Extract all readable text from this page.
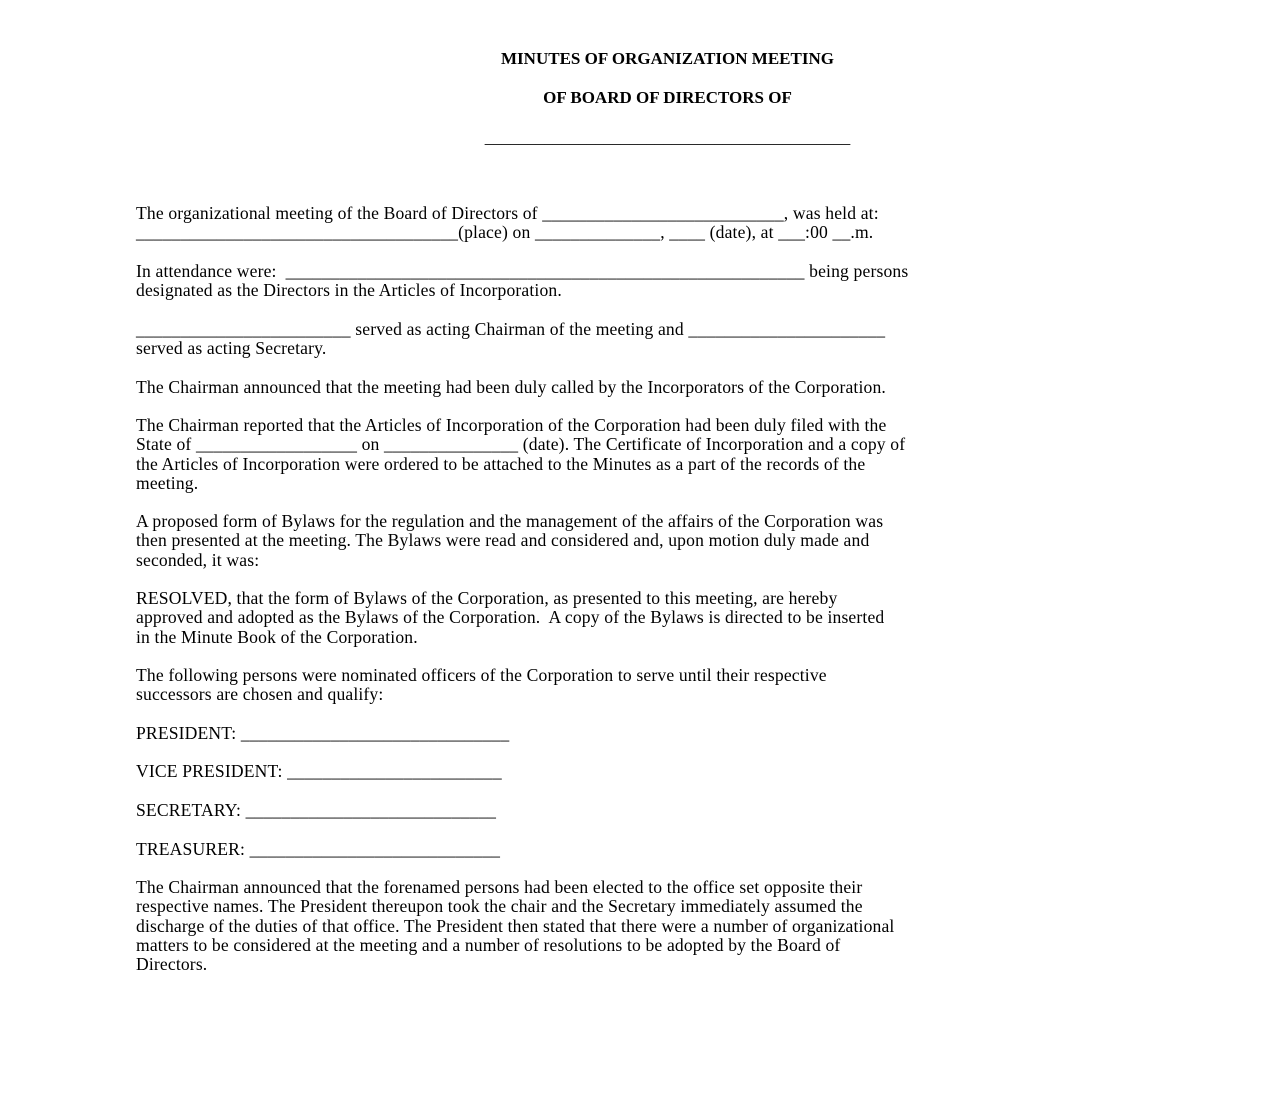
MINUTES OF ORGANIZATION MEETING
OF BOARD OF DIRECTORS OF
___________________________________________
The organizational meeting of the Board of Directors of ___________________________, was held at:
____________________________________(place) on ______________, ____ (date), at ___:00 __.m.
In attendance were:  __________________________________________________________ being persons
designated as the Directors in the Articles of Incorporation.
________________________ served as acting Chairman of the meeting and ______________________
served as acting Secretary.
The Chairman announced that the meeting had been duly called by the Incorporators of the Corporation.
The Chairman reported that the Articles of Incorporation of the Corporation had been duly filed with the
State of __________________ on _______________ (date). The Certificate of Incorporation and a copy of
the Articles of Incorporation were ordered to be attached to the Minutes as a part of the records of the
meeting.
A proposed form of Bylaws for the regulation and the management of the affairs of the Corporation was
then presented at the meeting. The Bylaws were read and considered and, upon motion duly made and
seconded, it was:
RESOLVED, that the form of Bylaws of the Corporation, as presented to this meeting, are hereby
approved and adopted as the Bylaws of the Corporation.  A copy of the Bylaws is directed to be inserted
in the Minute Book of the Corporation.
The following persons were nominated officers of the Corporation to serve until their respective
successors are chosen and qualify:
PRESIDENT: ______________________________
VICE PRESIDENT: ________________________
SECRETARY: ____________________________
TREASURER: ____________________________
The Chairman announced that the forenamed persons had been elected to the office set opposite their
respective names. The President thereupon took the chair and the Secretary immediately assumed the
discharge of the duties of that office. The President then stated that there were a number of organizational
matters to be considered at the meeting and a number of resolutions to be adopted by the Board of
Directors.
